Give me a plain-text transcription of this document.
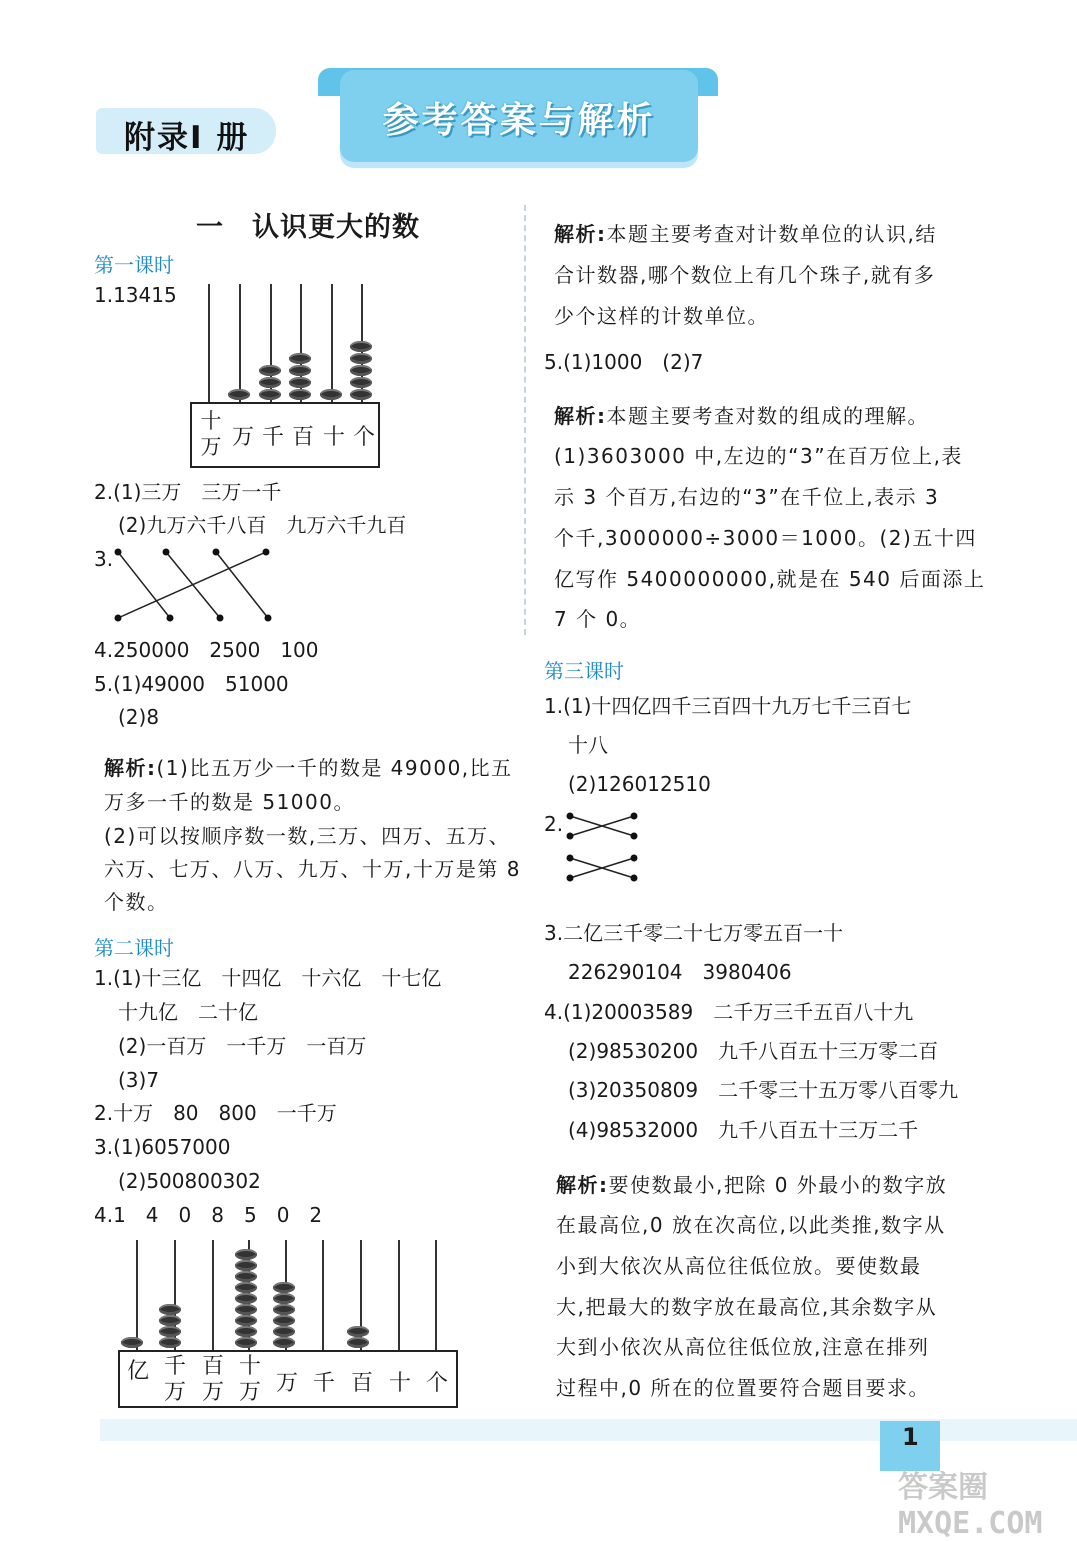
附录Ⅰ 册	参考答案与解析
一　认识更大的数
第一课时
1.13415
十
万 万 千 百 十 个
2.(1)三万　三万一千
(2)九万六千八百　九万六千九百
3.
4.250000　2500　100
5.(1)49000　51000
(2)8
解析:(1)比五万少一千的数是 49000,比五
万多一千的数是 51000。
(2)可以按顺序数一数,三万、四万、五万、
六万、七万、八万、九万、十万,十万是第 8
个数。
第二课时
1.(1)十三亿　十四亿　十六亿　十七亿
十九亿　二十亿
(2)一百万　一千万　一百万
(3)7
2.十万　80　800　一千万
3.(1)6057000
(2)500800302
4.1　4　0　8　5　0　2
亿 千
万
百
万
十
万 万 千 百 十 个
解析:本题主要考查对计数单位的认识,结
合计数器,哪个数位上有几个珠子,就有多
少个这样的计数单位。
5.(1)1000　(2)7
解析:本题主要考查对数的组成的理解。
(1)3603000 中,左边的“3”在百万位上,表
示 3 个百万,右边的“3”在千位上,表示 3
个千,3000000÷3000＝1000。(2)五十四
亿写作 5400000000,就是在 540 后面添上
7 个 0。
第三课时
1.(1)十四亿四千三百四十九万七千三百七
十八
(2)126012510
2.
3.二亿三千零二十七万零五百一十
226290104　3980406
4.(1)20003589　二千万三千五百八十九
(2)98530200　九千八百五十三万零二百
(3)20350809　二千零三十五万零八百零九
(4)98532000　九千八百五十三万二千
解析:要使数最小,把除 0 外最小的数字放
在最高位,0 放在次高位,以此类推,数字从
小到大依次从高位往低位放。要使数最
大,把最大的数字放在最高位,其余数字从
大到小依次从高位往低位放,注意在排列
过程中,0 所在的位置要符合题目要求。
1
答案圈 MXQE.COM
